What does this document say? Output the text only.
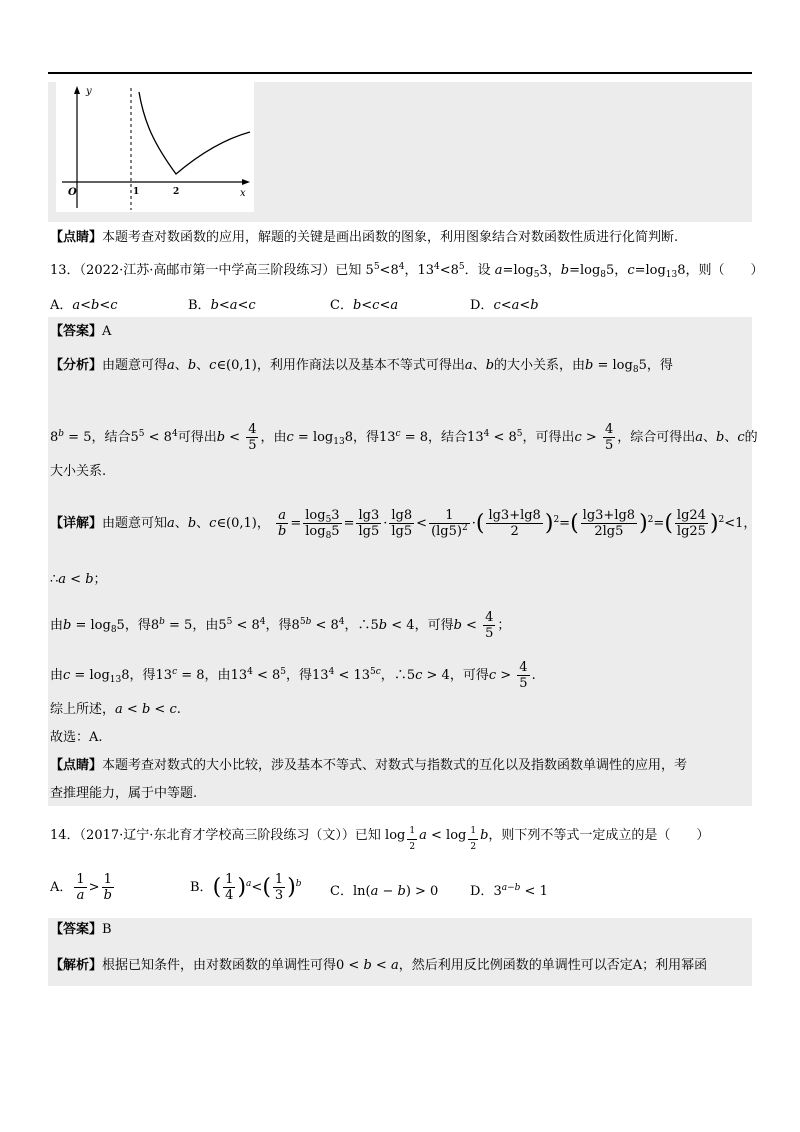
y
x
O	1	2
【点睛】本题考查对数函数的应用，解题的关键是画出函数的图象，利用图象结合对数函数性质进行化简判断.
13．（2022·江苏·高邮市第一中学高三阶段练习）已知 $5^5<8^4$，$13^4<8^5$．设 $a=\log_53$，$b=\log_85$，$c=\log_{13}8$，则（　　）
A．a<b<c	B．b<a<c	C．b<c<a	D．c<a<b
【答案】A
【分析】由题意可得a、b、c∈(0,1)，利用作商法以及基本不等式可得出a、b的大小关系，由$b = \log_85$，得
$8^b = 5$，结合$5^5 < 8^4$可得出$b < \frac{4}{5}$ ，由$c = \log_{13}8$，得$13^c = 8$，结合$13^4 < 8^5$，可得出$c > \frac{4}{5}$ ，综合可得出a、b、c的
大小关系.
【详解】由题意可知a、b、c∈(0,1)， $\frac{a}{b} = \frac{\log_53}{\log_85} = \frac{\lg 3}{\lg 5} \cdot \frac{\lg 8}{\lg 5} < \frac{1}{(\lg 5)^2}$ ·( $\frac{\lg 3+\lg 8}{2} )^2=( \frac{\lg 3+\lg 8}{2\lg 5} )^2=( \frac{\lg 24}{\lg 25} )^2<1$，
∴a < b；
由$b = \log_85$，得$8^b = 5$，由$5^5 < 8^4$，得$8^{5b} < 8^4$，∴5b < 4，可得$b < \frac{4}{5}$ ；
由$c = \log_{13}8$，得$13^c = 8$，由$13^4 < 8^5$，得$13^4 < 13^{5c}$，∴5c > 4，可得$c > \frac{4}{5}$ .
综上所述，a < b < c.
故选：A.
【点睛】本题考查对数式的大小比较，涉及基本不等式、对数式与指数式的互化以及指数函数单调性的应用，考
查推理能力，属于中等题.
14．（2017·辽宁·东北育才学校高三阶段练习（文））已知 log $_{\frac{1}{2}}$ a < log $_{\frac{1}{2}}$ b，则下列不等式一定成立的是（　　）
A． $\frac{1}{a} > \frac{1}{b}$	B．( $\frac{1}{4} )^a<( \frac{1}{3} )^b$ C．ln(a − b) > 0 D．$3^{a-b} < 1$
【答案】B
【解析】根据已知条件，由对数函数的单调性可得0 < b < a，然后利用反比例函数的单调性可以否定A；利用幂函
